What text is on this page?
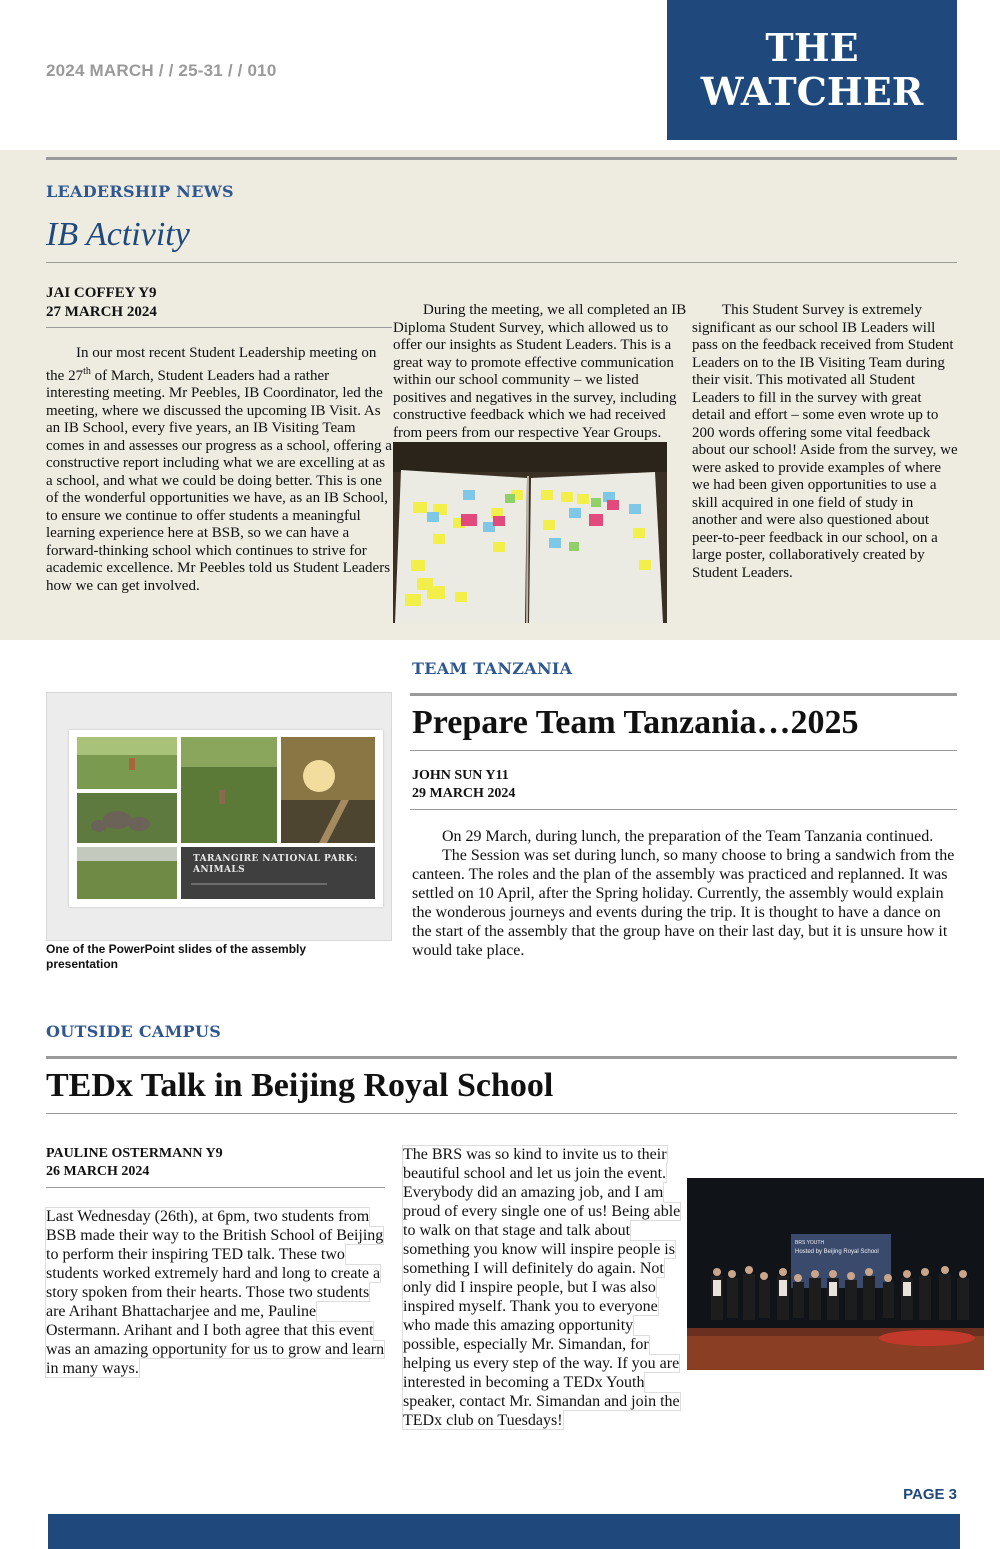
2024 MARCH / / 25-31 / / 010
THE
WATCHER
LEADERSHIP NEWS
IB Activity
JAI COFFEY Y9
27 MARCH 2024

In our most recent Student Leadership meeting on the 27th of March, Student Leaders had a rather interesting meeting. Mr Peebles, IB Coordinator, led the meeting, where we discussed the upcoming IB Visit. As an IB School, every five years, an IB Visiting Team comes in and assesses our progress as a school, offering a constructive report including what we are excelling at as a school, and what we could be doing better. This is one of the wonderful opportunities we have, as an IB School, to ensure we continue to offer students a meaningful learning experience here at BSB, so we can have a forward-thinking school which continues to strive for academic excellence. Mr Peebles told us Student Leaders how we can get involved.

During the meeting, we all completed an IB Diploma Student Survey, which allowed us to offer our insights as Student Leaders. This is a great way to promote effective communication within our school community – we listed positives and negatives in the survey, including constructive feedback which we had received from peers from our respective Year Groups.

This Student Survey is extremely significant as our school IB Leaders will pass on the feedback received from Student Leaders on to the IB Visiting Team during their visit. This motivated all Student Leaders to fill in the survey with great detail and effort – some even wrote up to 200 words offering some vital feedback about our school! Aside from the survey, we were asked to provide examples of where we had been given opportunities to use a skill acquired in one field of study in another and were also questioned about peer-to-peer feedback in our school, on a large poster, collaboratively created by Student Leaders.

TARANGIRE NATIONAL PARK:
ANIMALS
One of the PowerPoint slides of the assembly presentation
TEAM TANZANIA
Prepare Team Tanzania…2025
JOHN SUN Y11
29 MARCH 2024

On 29 March, during lunch, the preparation of the Team Tanzania continued.

The Session was set during lunch, so many choose to bring a sandwich from the canteen. The roles and the plan of the assembly was practiced and replanned. It was settled on 10 April, after the Spring holiday. Currently, the assembly would explain the wonderous journeys and events during the trip. It is thought to have a dance on the start of the assembly that the group have on their last day, but it is unsure how it would take place.

OUTSIDE CAMPUS
TEDx Talk in Beijing Royal School
PAULINE OSTERMANN Y9
26 MARCH 2024
Last Wednesday (26th), at 6pm, two students from BSB made their way to the British School of Beijing to perform their inspiring TED talk. These two students worked extremely hard and long to create a story spoken from their hearts. Those two students are Arihant Bhattacharjee and me, Pauline Ostermann. Arihant and I both agree that this event was an amazing opportunity for us to grow and learn in many ways.
The BRS was so kind to invite us to their beautiful school and let us join the event. Everybody did an amazing job, and I am proud of every single one of us! Being able to walk on that stage and talk about something you know will inspire people is something I will definitely do again. Not only did I inspire people, but I was also inspired myself. Thank you to everyone who made this amazing opportunity possible, especially Mr. Simandan, for helping us every step of the way. If you are interested in becoming a TEDx Youth speaker, contact Mr. Simandan and join the TEDx club on Tuesdays!
BRS YOUTH
Hosted by Beijing Royal School
PAGE 3
